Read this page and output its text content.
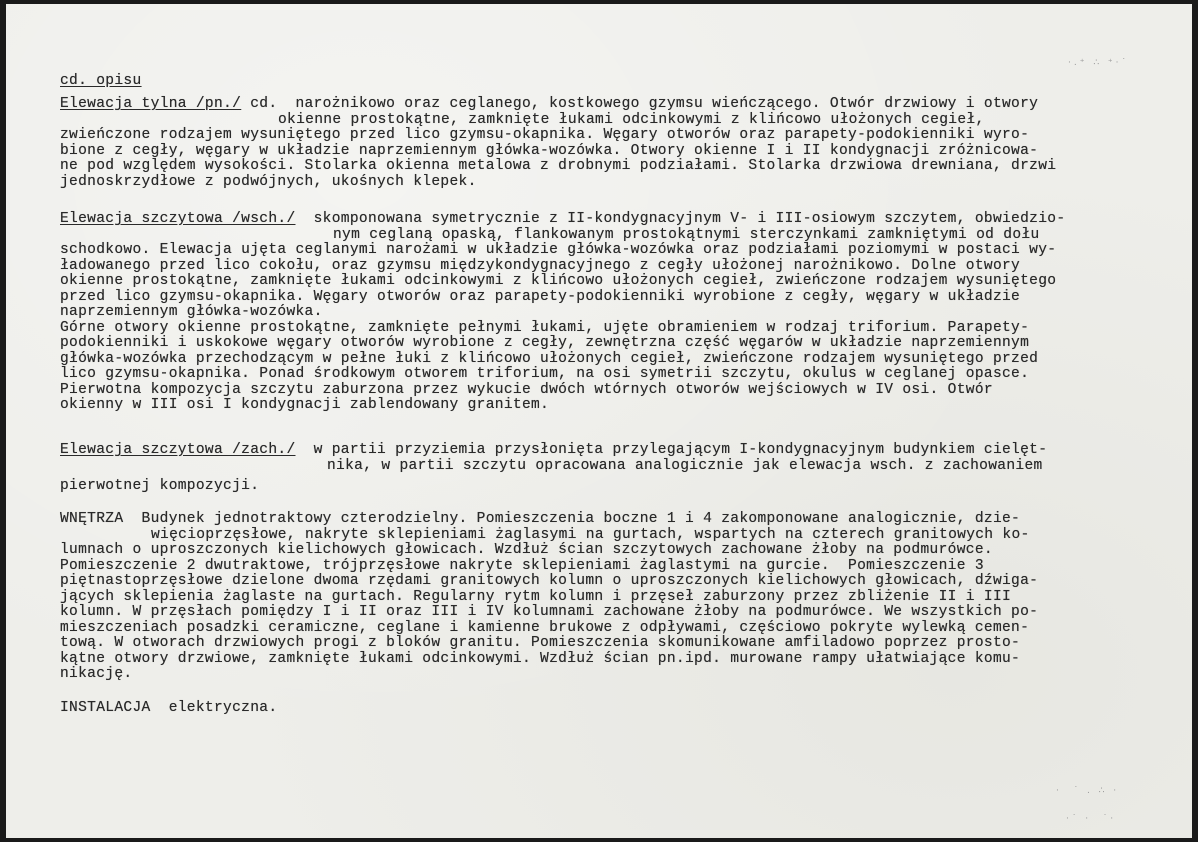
·.⁺ ∴ ⁺·˙
·  ˙ . ∴ ·
·˙ ·  ˙·
cd. opisu
Elewacja tylna /pn./ cd.  narożnikowo oraz ceglanego, kostkowego gzymsu wieńczącego. Otwór drzwiowy i otwory
okienne prostokątne, zamknięte łukami odcinkowymi z klińcowo ułożonych cegieł,
zwieńczone rodzajem wysuniętego przed lico gzymsu-okapnika. Węgary otworów oraz parapety-podokienniki wyro-
bione z cegły, węgary w układzie naprzemiennym główka-wozówka. Otwory okienne I i II kondygnacji zróżnicowa-
ne pod względem wysokości. Stolarka okienna metalowa z drobnymi podziałami. Stolarka drzwiowa drewniana, drzwi
jednoskrzydłowe z podwójnych, ukośnych klepek.
Elewacja szczytowa /wsch./  skomponowana symetrycznie z II-kondygnacyjnym V- i III-osiowym szczytem, obwiedzio-
nym ceglaną opaską, flankowanym prostokątnymi sterczynkami zamkniętymi od dołu
schodkowo. Elewacja ujęta ceglanymi narożami w układzie główka-wozówka oraz podziałami poziomymi w postaci wy-
ładowanego przed lico cokołu, oraz gzymsu międzykondygnacyjnego z cegły ułożonej narożnikowo. Dolne otwory
okienne prostokątne, zamknięte łukami odcinkowymi z klińcowo ułożonych cegieł, zwieńczone rodzajem wysuniętego
przed lico gzymsu-okapnika. Węgary otworów oraz parapety-podokienniki wyrobione z cegły, węgary w układzie
naprzemiennym główka-wozówka.
Górne otwory okienne prostokątne, zamknięte pełnymi łukami, ujęte obramieniem w rodzaj triforium. Parapety-
podokienniki i uskokowe węgary otworów wyrobione z cegły, zewnętrzna część węgarów w układzie naprzemiennym
główka-wozówka przechodzącym w pełne łuki z klińcowo ułożonych cegieł, zwieńczone rodzajem wysuniętego przed
lico gzymsu-okapnika. Ponad środkowym otworem triforium, na osi symetrii szczytu, okulus w ceglanej opasce.
Pierwotna kompozycja szczytu zaburzona przez wykucie dwóch wtórnych otworów wejściowych w IV osi. Otwór
okienny w III osi I kondygnacji zablendowany granitem.
Elewacja szczytowa /zach./  w partii przyziemia przysłonięta przylegającym I-kondygnacyjnym budynkiem cielęt-
nika, w partii szczytu opracowana analogicznie jak elewacja wsch. z zachowaniem
pierwotnej kompozycji.
WNĘTRZA  Budynek jednotraktowy czterodzielny. Pomieszczenia boczne 1 i 4 zakomponowane analogicznie, dzie-
więcioprzęsłowe, nakryte sklepieniami żaglasymi na gurtach, wspartych na czterech granitowych ko-
lumnach o uproszczonych kielichowych głowicach. Wzdłuż ścian szczytowych zachowane żłoby na podmurówce.
Pomieszczenie 2 dwutraktowe, trójprzęsłowe nakryte sklepieniami żaglastymi na gurcie.  Pomieszczenie 3
piętnastoprzęsłowe dzielone dwoma rzędami granitowych kolumn o uproszczonych kielichowych głowicach, dźwiga-
jących sklepienia żaglaste na gurtach. Regularny rytm kolumn i przęseł zaburzony przez zbliżenie II i III
kolumn. W przęsłach pomiędzy I i II oraz III i IV kolumnami zachowane żłoby na podmurówce. We wszystkich po-
mieszczeniach posadzki ceramiczne, ceglane i kamienne brukowe z odpływami, częściowo pokryte wylewką cemen-
tową. W otworach drzwiowych progi z bloków granitu. Pomieszczenia skomunikowane amfiladowo poprzez prosto-
kątne otwory drzwiowe, zamknięte łukami odcinkowymi. Wzdłuż ścian pn.ipd. murowane rampy ułatwiające komu-
nikację.
INSTALACJA  elektryczna.
